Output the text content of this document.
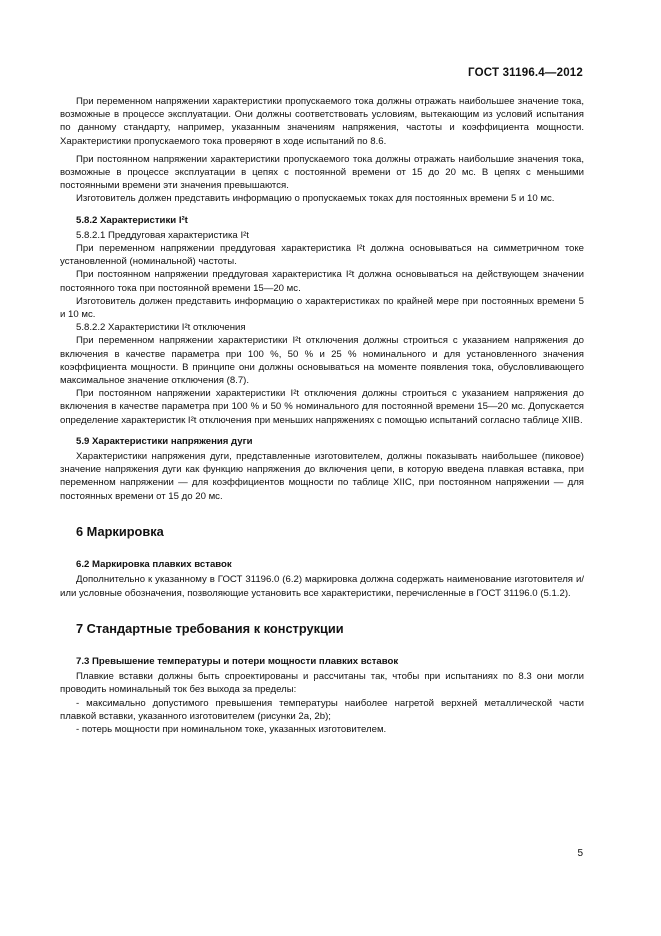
ГОСТ 31196.4—2012

При переменном напряжении характеристики пропускаемого тока должны отражать наибольшее значение тока, возможные в процессе эксплуатации. Они должны соответствовать условиям, вытекающим из условий испытания по данному стандарту, например, указанным значениям напряжения, частоты и коэффициента мощности. Характеристики пропускаемого тока проверяют в ходе испытаний по 8.6.

При постоянном напряжении характеристики пропускаемого тока должны отражать наибольшие значения тока, возможные в процессе эксплуатации в цепях с постоянной времени от 15 до 20 мс. В цепях с меньшими постоянными времени эти значения превышаются.

Изготовитель должен представить информацию о пропускаемых токах для постоянных времени 5 и 10 мс.

5.8.2 Характеристики I²t

5.8.2.1 Преддуговая характеристика I²t

При переменном напряжении преддуговая характеристика I²t должна основываться на симметричном токе установленной (номинальной) частоты.

При постоянном напряжении преддуговая характеристика I²t должна основываться на действующем значении постоянного тока при постоянной времени 15—20 мс.

Изготовитель должен представить информацию о характеристиках по крайней мере при постоянных времени 5 и 10 мс.

5.8.2.2 Характеристики I²t отключения

При переменном напряжении характеристики I²t отключения должны строиться с указанием напряжения до включения в качестве параметра при 100 %, 50 % и 25 % номинального и для установленного значения коэффициента мощности. В принципе они должны основываться на моменте появления тока, обусловливающего максимальное значение отключения (8.7).

При постоянном напряжении характеристики I²t отключения должны строиться с указанием напряжения до включения в качестве параметра при 100 % и 50 % номинального для постоянной времени 15—20 мс. Допускается определение характеристик I²t отключения при меньших напряжениях с помощью испытаний согласно таблице XIIB.

5.9 Характеристики напряжения дуги

Характеристики напряжения дуги, представленные изготовителем, должны показывать наибольшее (пиковое) значение напряжения дуги как функцию напряжения до включения цепи, в которую введена плавкая вставка, при переменном напряжении — для коэффициентов мощности по таблице XIIC, при постоянном напряжении — для постоянных времени от 15 до 20 мс.

6 Маркировка

6.2 Маркировка плавких вставок

Дополнительно к указанному в ГОСТ 31196.0 (6.2) маркировка должна содержать наименование изготовителя и/или условные обозначения, позволяющие установить все характеристики, перечисленные в ГОСТ 31196.0 (5.1.2).

7 Стандартные требования к конструкции

7.3 Превышение температуры и потери мощности плавких вставок

Плавкие вставки должны быть спроектированы и рассчитаны так, чтобы при испытаниях по 8.3 они могли проводить номинальный ток без выхода за пределы:

- максимально допустимого превышения температуры наиболее нагретой верхней металлической части плавкой вставки, указанного изготовителем (рисунки 2а, 2b);

- потерь мощности при номинальном токе, указанных изготовителем.

5
